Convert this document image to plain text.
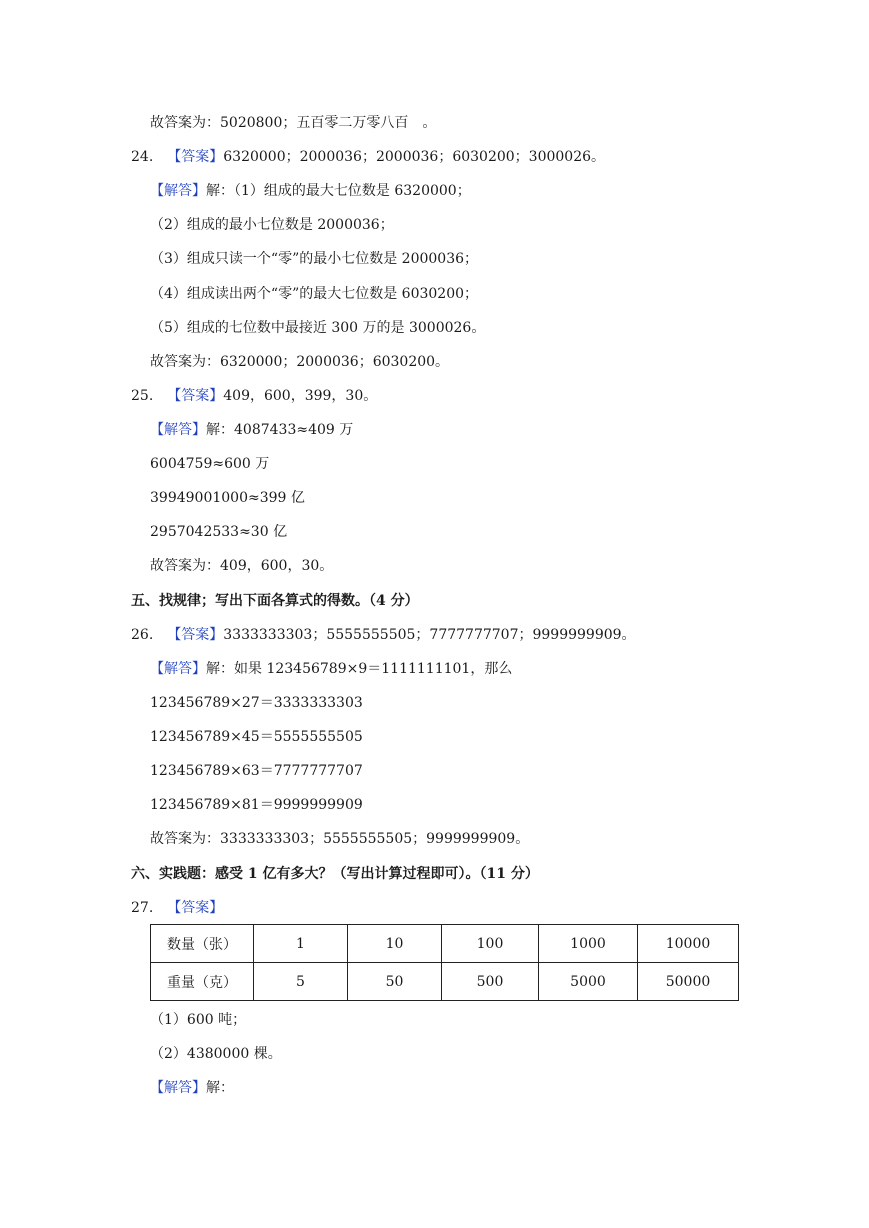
故答案为：5020800；五百零二万零八百　。
24. 【答案】6320000；2000036；2000036；6030200；3000026。
【解答】解：（1）组成的最大七位数是 6320000；
（2）组成的最小七位数是 2000036；
（3）组成只读一个“零”的最小七位数是 2000036；
（4）组成读出两个“零”的最大七位数是 6030200；
（5）组成的七位数中最接近 300 万的是 3000026。
故答案为：6320000；2000036；6030200。
25. 【答案】409，600，399，30。
【解答】解：4087433≈409 万
6004759≈600 万
39949001000≈399 亿
2957042533≈30 亿
故答案为：409，600，30。
五、找规律；写出下面各算式的得数。（4 分）
26. 【答案】3333333303；5555555505；7777777707；9999999909。
【解答】解：如果 123456789×9＝1111111101，那么
123456789×27＝3333333303
123456789×45＝5555555505
123456789×63＝7777777707
123456789×81＝9999999909
故答案为：3333333303；5555555505；9999999909。
六、实践题：感受 1 亿有多大？（写出计算过程即可）。（11 分）
27. 【答案】
数量（张）	1	10	100	1000	10000
重量（克）	5	50	500	5000	50000
（1）600 吨；
（2）4380000 棵。
【解答】解：
